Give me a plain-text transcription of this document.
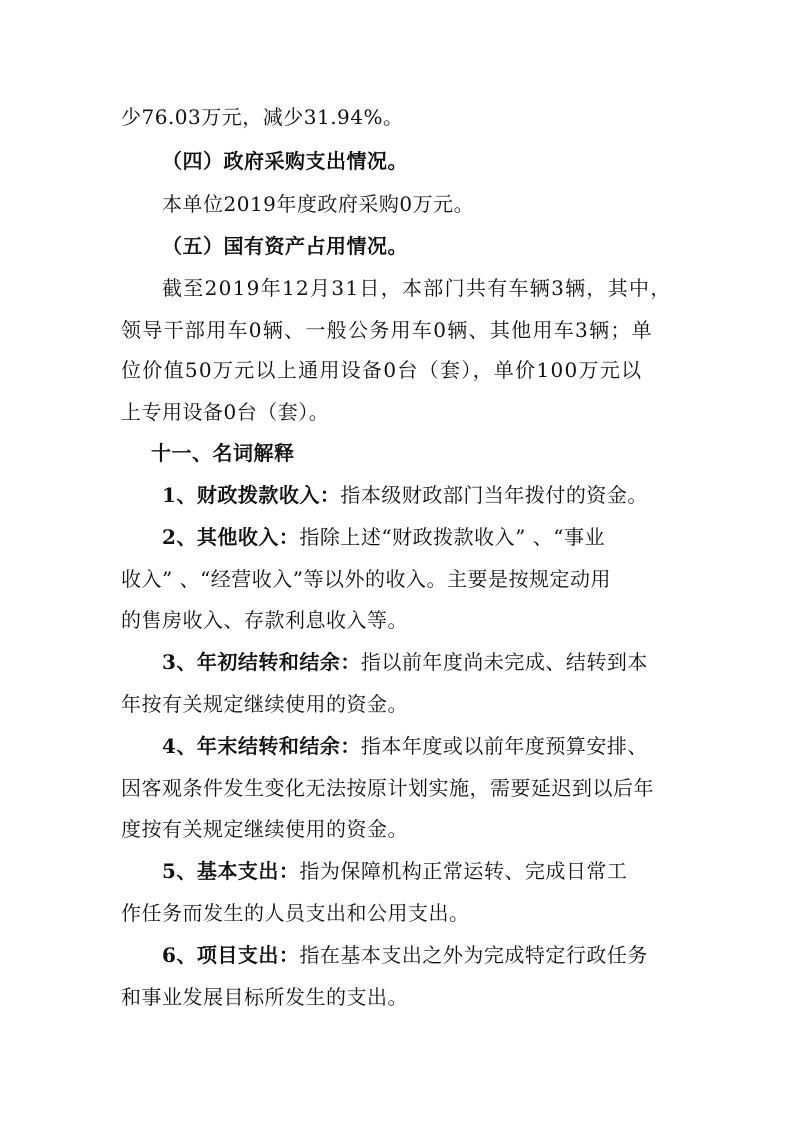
少76.03万元，减少31.94%。
（四）政府采购支出情况。
本单位2019年度政府采购0万元。
（五）国有资产占用情况。
截至2019年12月31日，本部门共有车辆3辆，其中，
领导干部用车0辆、一般公务用车0辆、其他用车3辆；单
位价值50万元以上通用设备0台（套），单价100万元以
上专用设备0台（套）。
十一、名词解释
1、财政拨款收入：指本级财政部门当年拨付的资金。
2、其他收入：指除上述“财政拨款收入” 、“事业
收入” 、“经营收入”等以外的收入。主要是按规定动用
的售房收入、存款利息收入等。
3、年初结转和结余：指以前年度尚未完成、结转到本
年按有关规定继续使用的资金。
4、年末结转和结余：指本年度或以前年度预算安排、
因客观条件发生变化无法按原计划实施，需要延迟到以后年
度按有关规定继续使用的资金。
5、基本支出：指为保障机构正常运转、完成日常工
作任务而发生的人员支出和公用支出。
6、项目支出：指在基本支出之外为完成特定行政任务
和事业发展目标所发生的支出。
